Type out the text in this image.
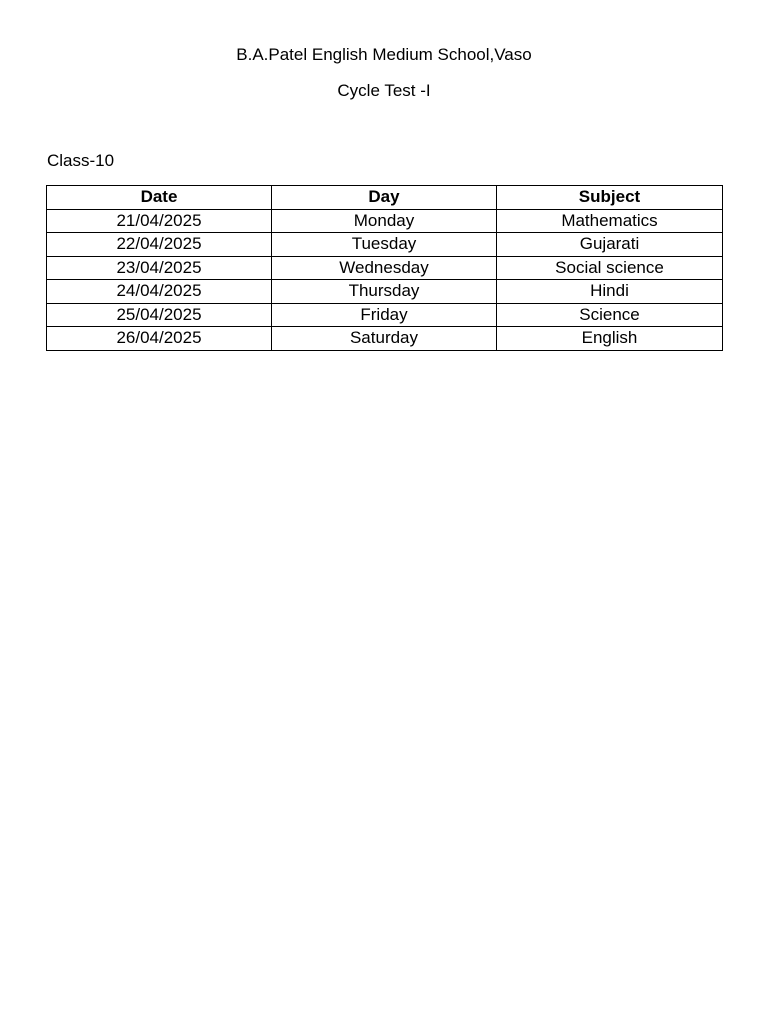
B.A.Patel English Medium School,Vaso
Cycle Test -I
Class-10
Date	Day	Subject
21/04/2025	Monday	Mathematics
22/04/2025	Tuesday	Gujarati
23/04/2025	Wednesday	Social science
24/04/2025	Thursday	Hindi
25/04/2025	Friday	Science
26/04/2025	Saturday	English
